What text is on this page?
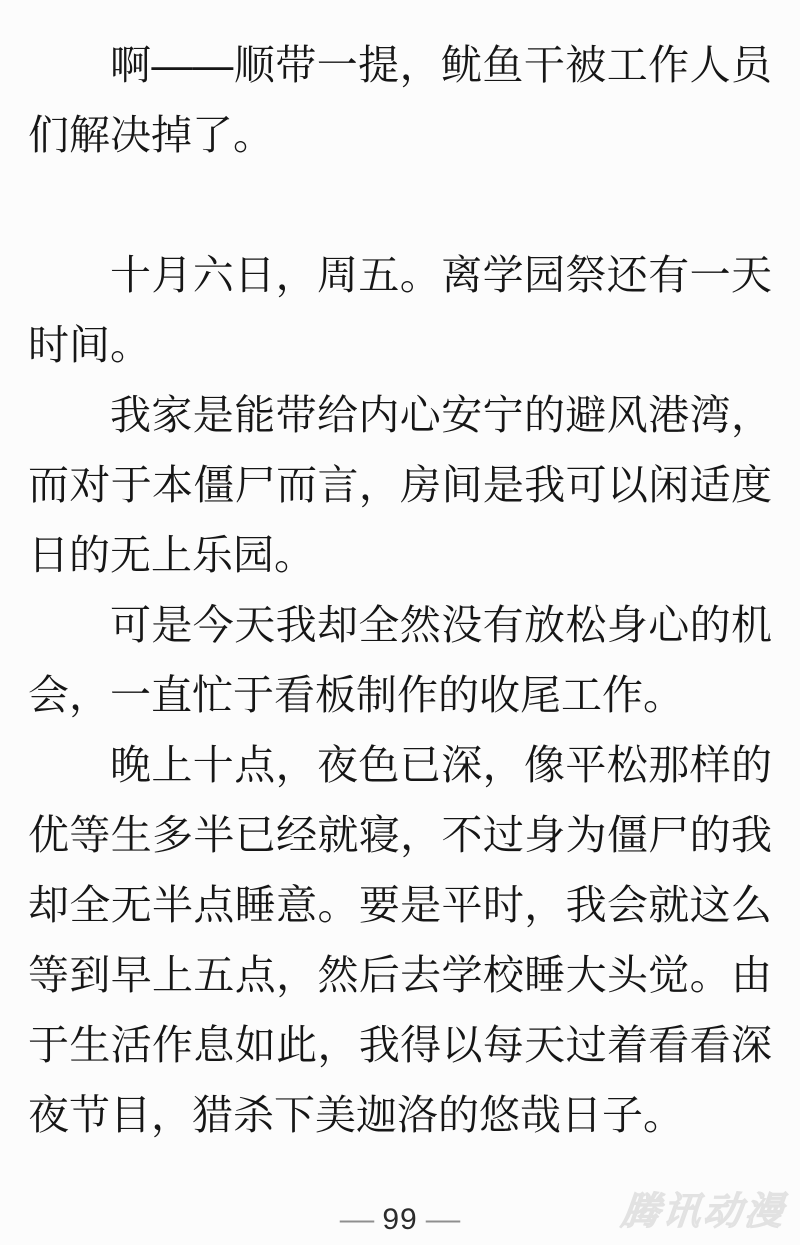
啊——顺带一提，鱿鱼干被工作人员们解决掉了。

十月六日，周五。离学园祭还有一天时间。

我家是能带给内心安宁的避风港湾，而对于本僵尸而言，房间是我可以闲适度日的无上乐园。

可是今天我却全然没有放松身心的机会，一直忙于看板制作的收尾工作。

晚上十点，夜色已深，像平松那样的优等生多半已经就寝，不过身为僵尸的我却全无半点睡意。要是平时，我会就这么等到早上五点，然后去学校睡大头觉。由于生活作息如此，我得以每天过着看看深夜节目，猎杀下美迦洛的悠哉日子。

— 99 —	腾讯动漫
